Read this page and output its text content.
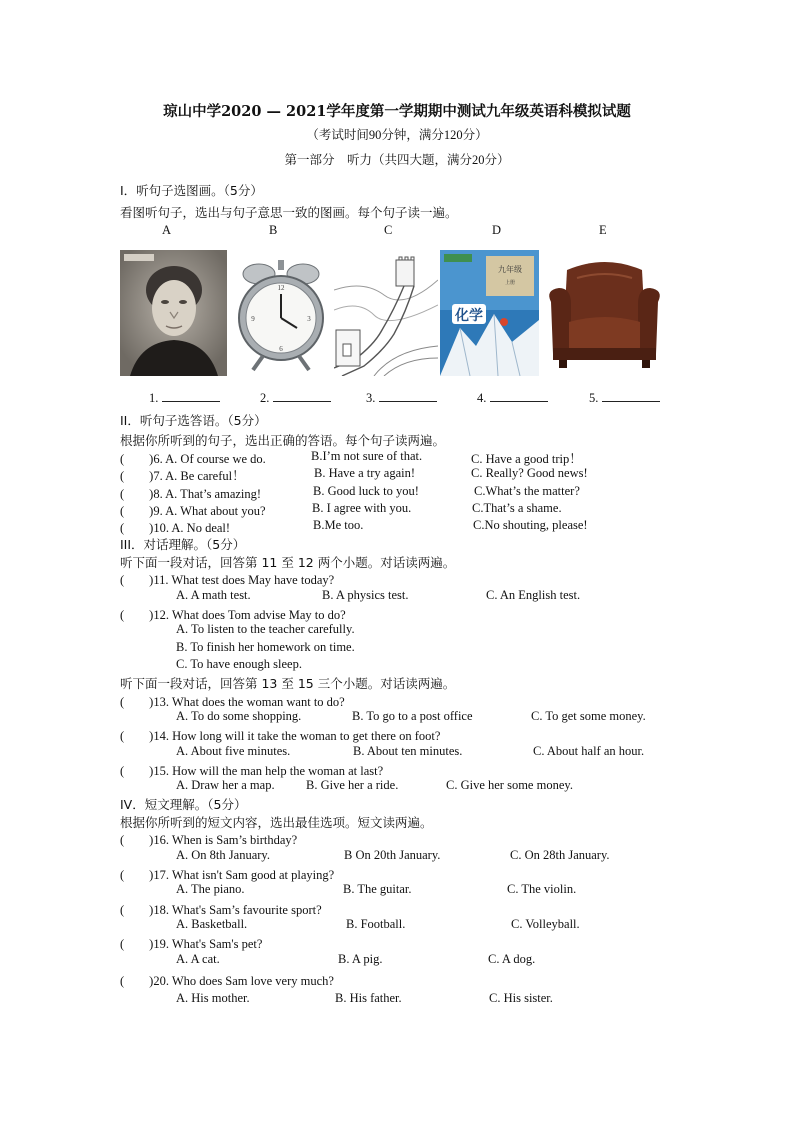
琼山中学2020 — 2021学年度第一学期期中测试九年级英语科模拟试题
（考试时间90分钟，满分120分）
第一部分　听力（共四大题，满分20分）
I．听句子选图画。（5分）
看图听句子，选出与句子意思一致的图画。每个句子读一遍。
A	B	C	D	E
12
3
6
9	化学
九年级
上册
1.	2.	3.	4.	5.
II．听句子选答语。（5分）
根据你所听到的句子，选出正确的答语。每个句子读两遍。
(　　)6. A. Of course we do.	B.I’m not sure of that.	C. Have a good trip！
(　　)7. A. Be careful！	B. Have a try again!	C. Really? Good news!
(　　)8. A. That’s amazing!	B. Good luck to you!	C.What’s the matter?
(　　)9. A. What about you?	B. I agree with you.	C.That’s a shame.
(　　)10. A. No deal!	B.Me too.	C.No shouting, please!
III．对话理解。（5分）
听下面一段对话，回答第 11 至 12 两个小题。对话读两遍。
(　　)11. What test does May have today?
A. A math test.	B. A physics test.	C. An English test.
(　　)12. What does Tom advise May to do?
A. To listen to the teacher carefully.
B. To finish her homework on time.
C. To have enough sleep.
听下面一段对话，回答第 13 至 15 三个小题。对话读两遍。
(　　)13. What does the woman want to do?
A. To do some shopping.	B. To go to a post office	C. To get some money.
(　　)14. How long will it take the woman to get there on foot?
A. About five minutes.	B. About ten minutes.	C. About half an hour.
(　　)15. How will the man help the woman at last?
A. Draw her a map.	B. Give her a ride.	C. Give her some money.
IV．短文理解。（5分）
根据你所听到的短文内容，选出最佳选项。短文读两遍。
(　　)16. When is Sam’s birthday?
A. On 8th January.	B On 20th January.	C. On 28th January.
(　　)17. What isn't Sam good at playing?
A. The piano.	B. The guitar.	C. The violin.
(　　)18. What's Sam’s favourite sport?
A. Basketball.	B. Football.	C. Volleyball.
(　　)19. What's Sam's pet?
A. A cat.	B. A pig.	C. A dog.
(　　)20. Who does Sam love very much?
A. His mother.	B. His father.	C. His sister.
